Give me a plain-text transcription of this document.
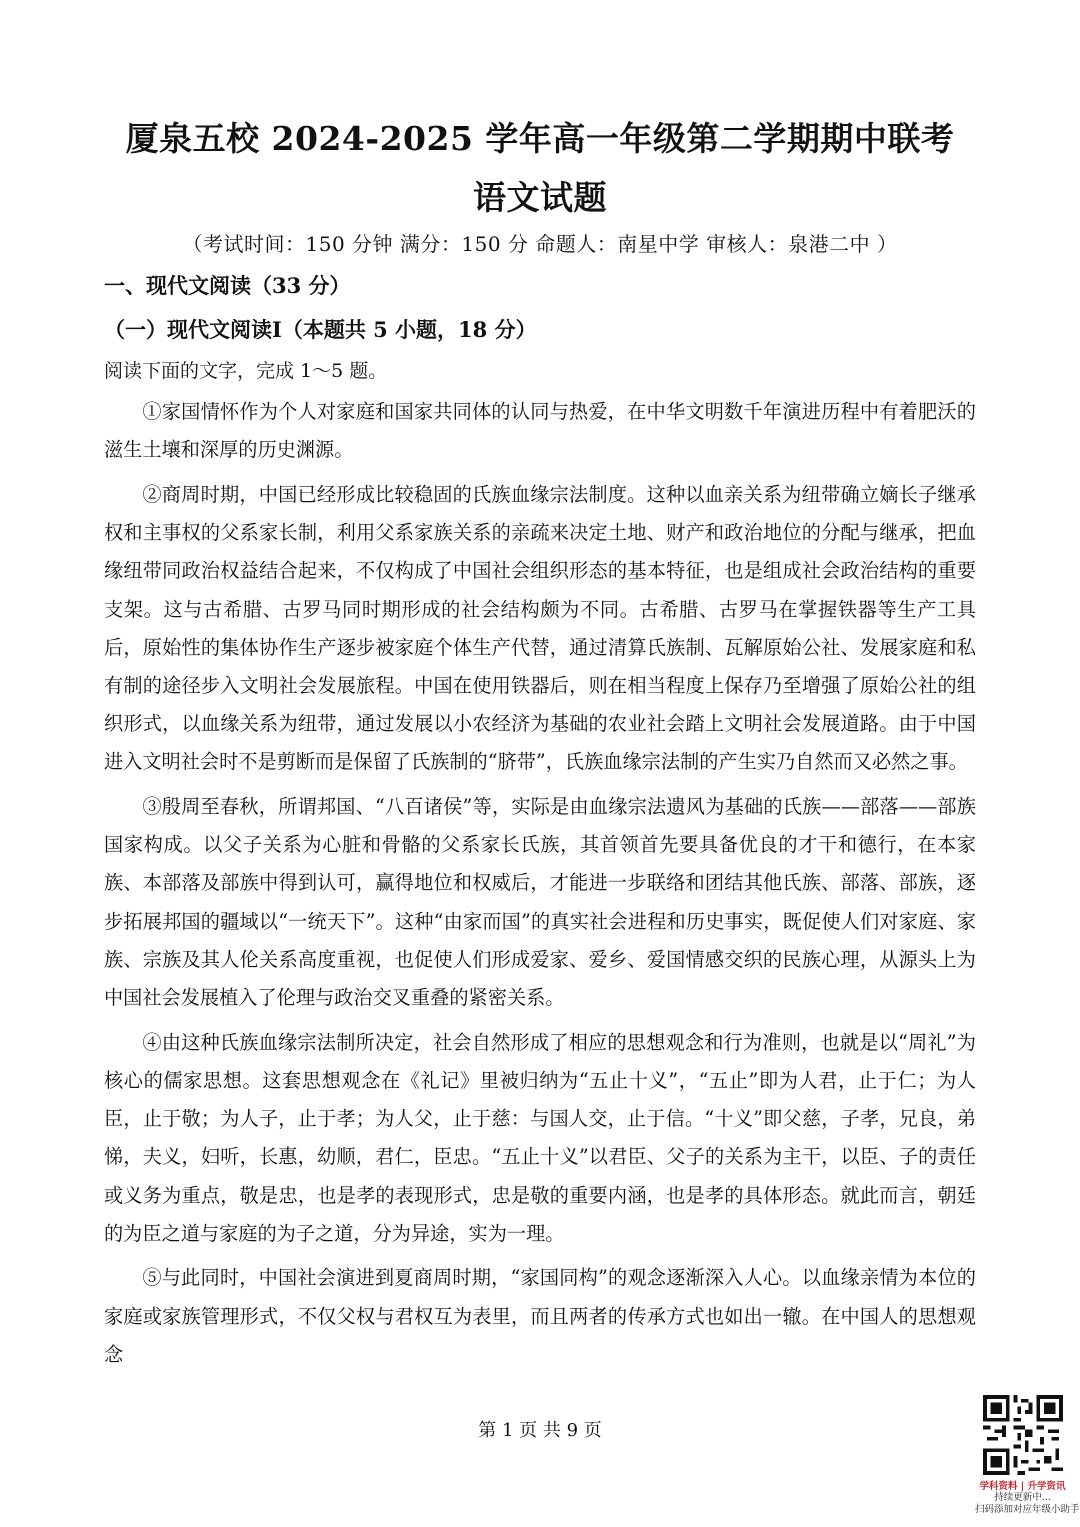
厦泉五校 2024-2025 学年高一年级第二学期期中联考
语文试题
（考试时间：150 分钟 满分：150 分 命题人：南星中学 审核人：泉港二中 ）
一、现代文阅读（33 分）
（一）现代文阅读I（本题共 5 小题，18 分）
阅读下面的文字，完成 1～5 题。

①家国情怀作为个人对家庭和国家共同体的认同与热爱，在中华文明数千年演进历程中有着肥沃的滋生土壤和深厚的历史渊源。

②商周时期，中国已经形成比较稳固的氏族血缘宗法制度。这种以血亲关系为纽带确立嫡长子继承权和主事权的父系家长制，利用父系家族关系的亲疏来决定土地、财产和政治地位的分配与继承，把血缘纽带同政治权益结合起来，不仅构成了中国社会组织形态的基本特征，也是组成社会政治结构的重要支架。这与古希腊、古罗马同时期形成的社会结构颇为不同。古希腊、古罗马在掌握铁器等生产工具后，原始性的集体协作生产逐步被家庭个体生产代替，通过清算氏族制、瓦解原始公社、发展家庭和私有制的途径步入文明社会发展旅程。中国在使用铁器后，则在相当程度上保存乃至增强了原始公社的组织形式，以血缘关系为纽带，通过发展以小农经济为基础的农业社会踏上文明社会发展道路。由于中国进入文明社会时不是剪断而是保留了氏族制的“脐带”，氏族血缘宗法制的产生实乃自然而又必然之事。

③殷周至春秋，所谓邦国、“八百诸侯”等，实际是由血缘宗法遗风为基础的氏族——部落——部族国家构成。以父子关系为心脏和骨骼的父系家长氏族，其首领首先要具备优良的才干和德行，在本家族、本部落及部族中得到认可，赢得地位和权威后，才能进一步联络和团结其他氏族、部落、部族，逐步拓展邦国的疆域以“一统天下”。这种“由家而国”的真实社会进程和历史事实，既促使人们对家庭、家族、宗族及其人伦关系高度重视，也促使人们形成爱家、爱乡、爱国情感交织的民族心理，从源头上为中国社会发展植入了伦理与政治交叉重叠的紧密关系。

④由这种氏族血缘宗法制所决定，社会自然形成了相应的思想观念和行为准则，也就是以“周礼”为核心的儒家思想。这套思想观念在《礼记》里被归纳为“五止十义”，“五止”即为人君，止于仁；为人臣，止于敬；为人子，止于孝；为人父，止于慈：与国人交，止于信。“十义”即父慈，子孝，兄良，弟悌，夫义，妇听，长惠，幼顺，君仁，臣忠。“五止十义”以君臣、父子的关系为主干，以臣、子的责任或义务为重点，敬是忠，也是孝的表现形式，忠是敬的重要内涵，也是孝的具体形态。就此而言，朝廷的为臣之道与家庭的为子之道，分为异途，实为一理。

⑤与此同时，中国社会演进到夏商周时期，“家国同构”的观念逐渐深入人心。以血缘亲情为本位的家庭或家族管理形式，不仅父权与君权互为表里，而且两者的传承方式也如出一辙。在中国人的思想观念

第 1 页 共 9 页
学科资料 | 升学资讯
持续更新中...
扫码添加对应年级小助手
